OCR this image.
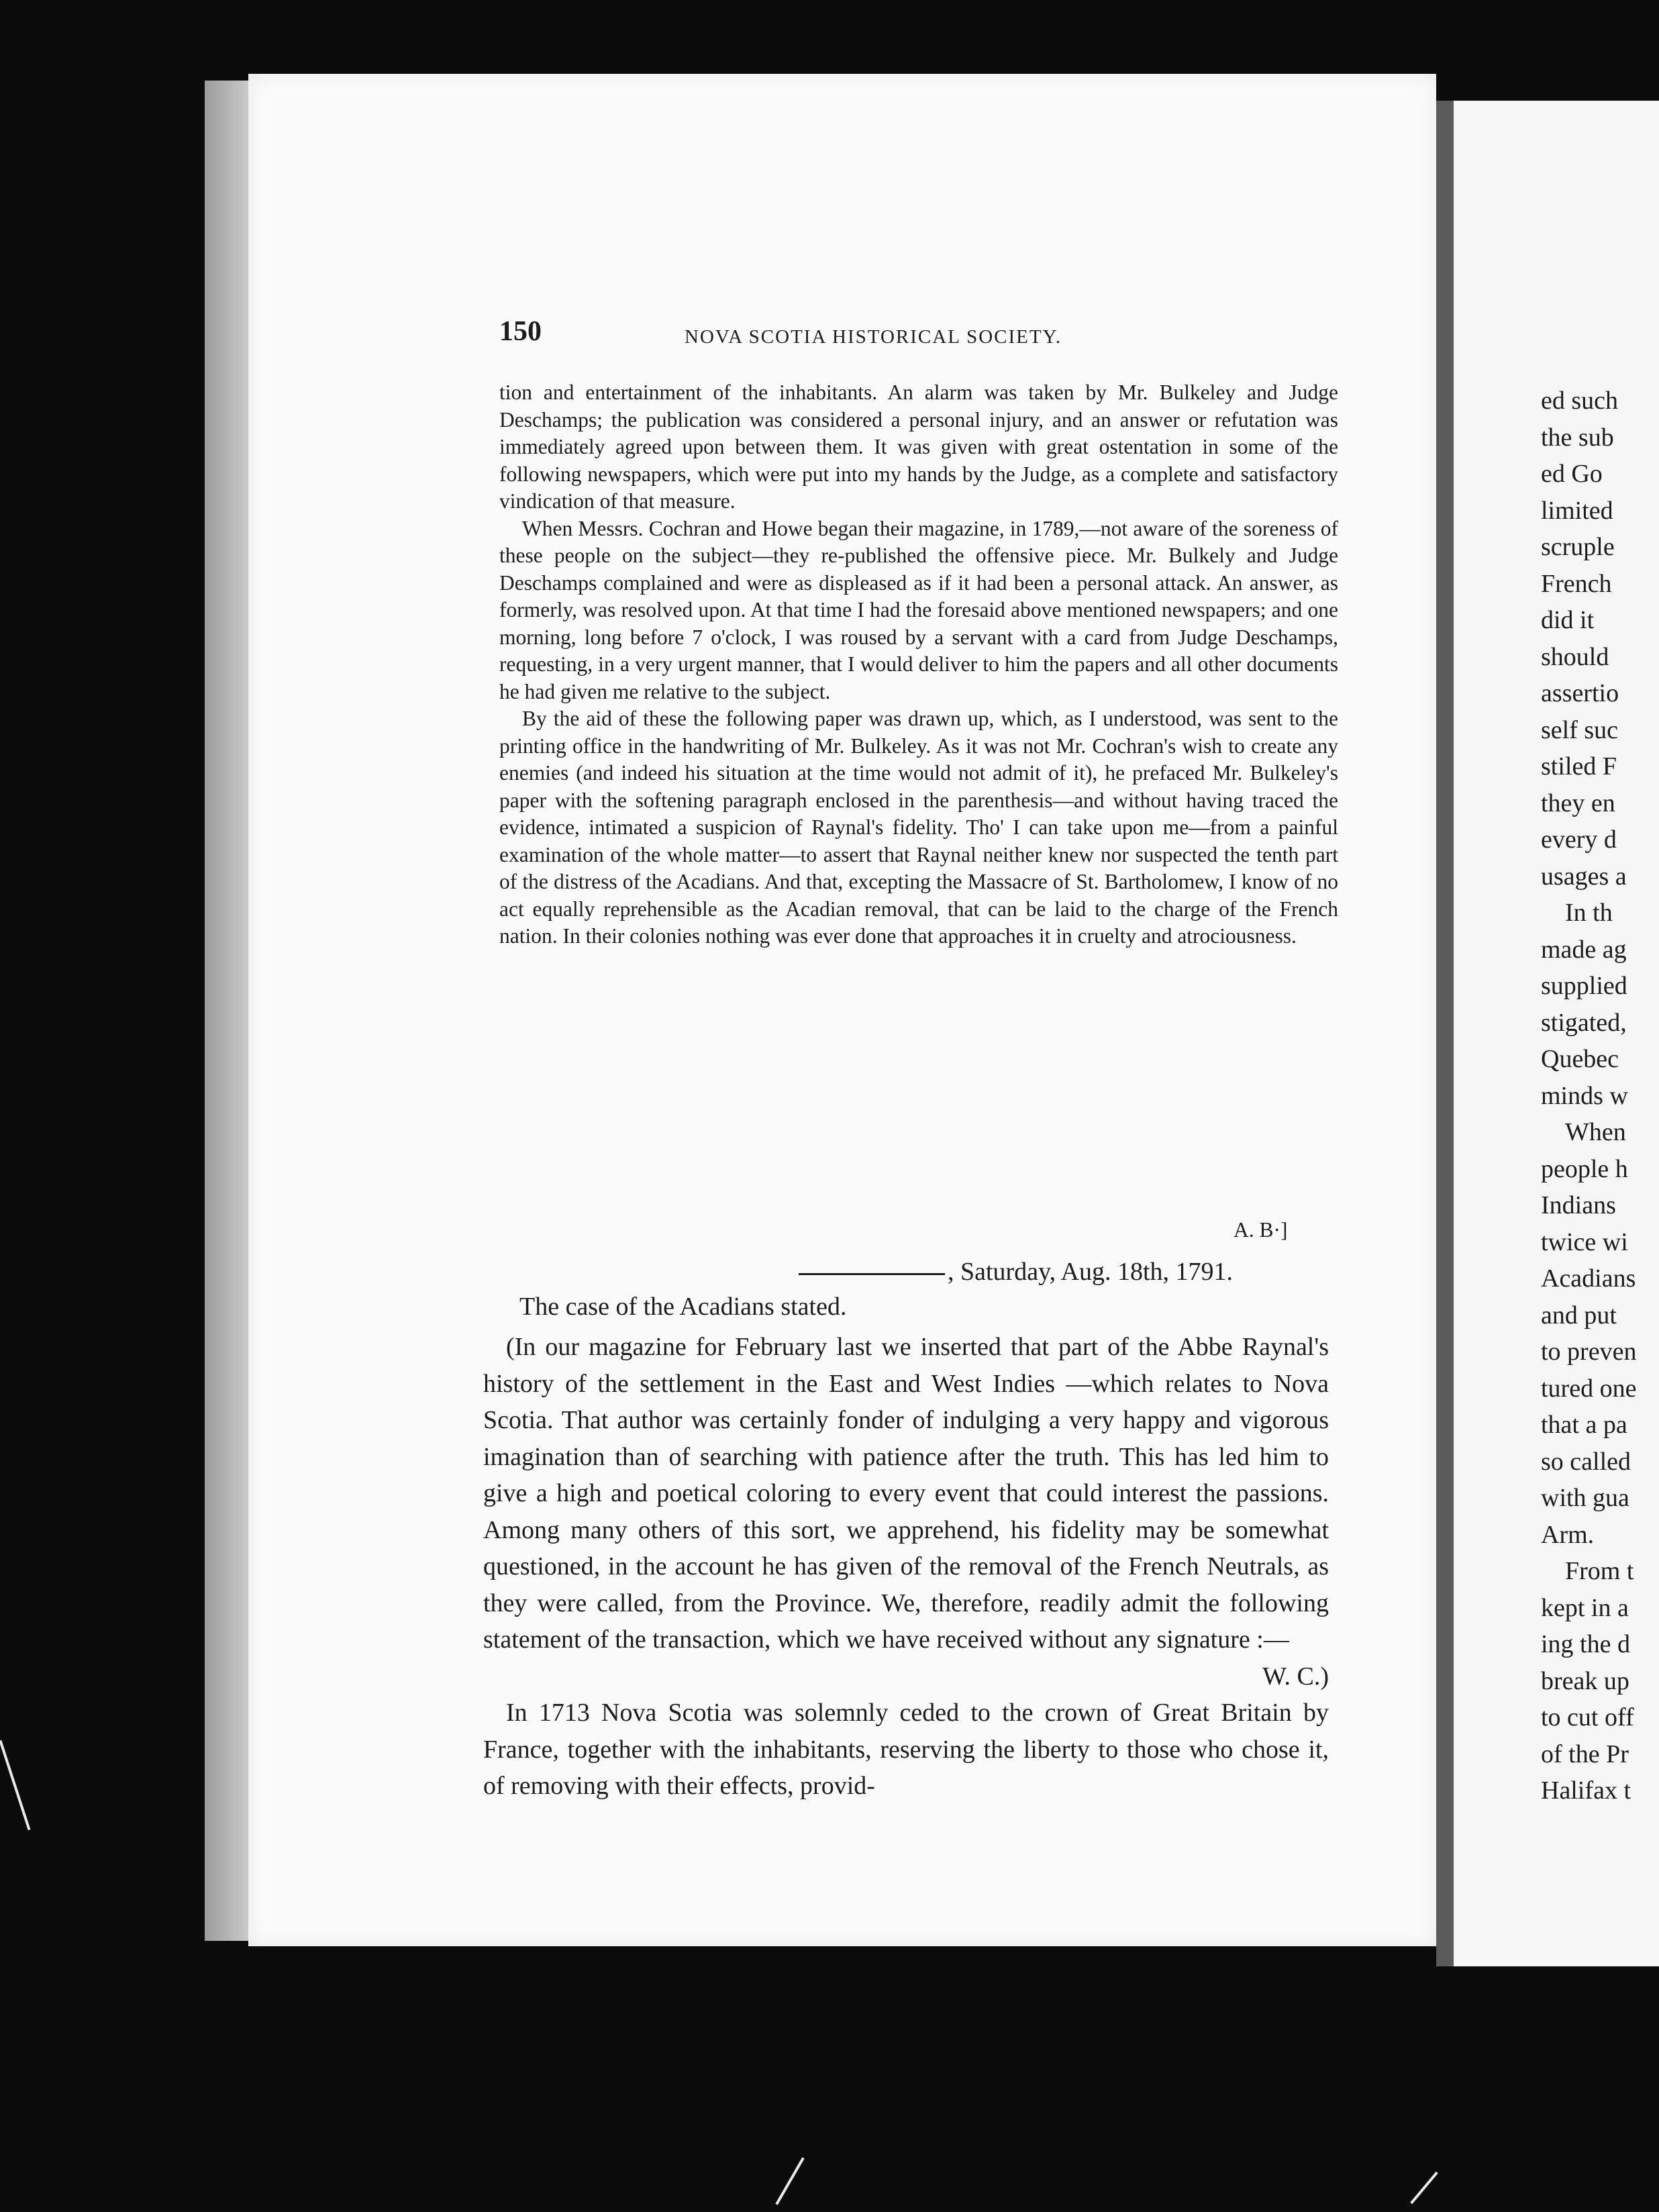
150	NOVA SCOTIA HISTORICAL SOCIETY.

tion and entertainment of the inhabitants. An alarm was taken by Mr. Bulkeley and Judge Deschamps; the publication was considered a personal injury, and an answer or refutation was immediately agreed upon between them. It was given with great ostentation in some of the following newspapers, which were put into my hands by the Judge, as a complete and satisfactory vindication of that measure.

When Messrs. Cochran and Howe began their magazine, in 1789,—not aware of the soreness of these people on the subject—they re-published the offensive piece. Mr. Bulkely and Judge Deschamps complained and were as displeased as if it had been a personal attack. An answer, as formerly, was resolved upon. At that time I had the foresaid above mentioned newspapers; and one morning, long before 7 o'clock, I was roused by a servant with a card from Judge Deschamps, requesting, in a very urgent manner, that I would deliver to him the papers and all other documents he had given me relative to the subject.

By the aid of these the following paper was drawn up, which, as I understood, was sent to the printing office in the handwriting of Mr. Bulkeley. As it was not Mr. Cochran's wish to create any enemies (and indeed his situation at the time would not admit of it), he prefaced Mr. Bulkeley's paper with the softening paragraph enclosed in the parenthesis—and without having traced the evidence, intimated a suspicion of Raynal's fidelity. Tho' I can take upon me—from a painful examination of the whole matter—to assert that Raynal neither knew nor suspected the tenth part of the distress of the Acadians. And that, excepting the Massacre of St. Bartholomew, I know of no act equally reprehensible as the Acadian removal, that can be laid to the charge of the French nation. In their colonies nothing was ever done that approaches it in cruelty and atrociousness.

A. B·]
, Saturday, Aug. 18th, 1791.
The case of the Acadians stated.

(In our magazine for February last we inserted that part of the Abbe Raynal's history of the settlement in the East and West Indies —which relates to Nova Scotia. That author was certainly fonder of indulging a very happy and vigorous imagination than of searching with patience after the truth. This has led him to give a high and poetical coloring to every event that could interest the passions. Among many others of this sort, we apprehend, his fidelity may be somewhat questioned, in the account he has given of the removal of the French Neutrals, as they were called, from the Province. We, therefore, readily admit the following statement of the transaction, which we have received without any signature :—
W. C.)

In 1713 Nova Scotia was solemnly ceded to the crown of Great Britain by France, together with the inhabitants, reserving the liberty to those who chose it, of removing with their effects, provid-

ed such
the sub
ed Go
limited
scruple
French
did it
should
assertio
self suc
stiled F
they en
every d
usages a
In th
made ag
supplied
stigated,
Quebec
minds w
When
people h
Indians
twice wi
Acadians
and put
to preven
tured one
that a pa
so called
with gua
Arm.
From t
kept in a
ing the d
break up
to cut off
of the Pr
Halifax t
